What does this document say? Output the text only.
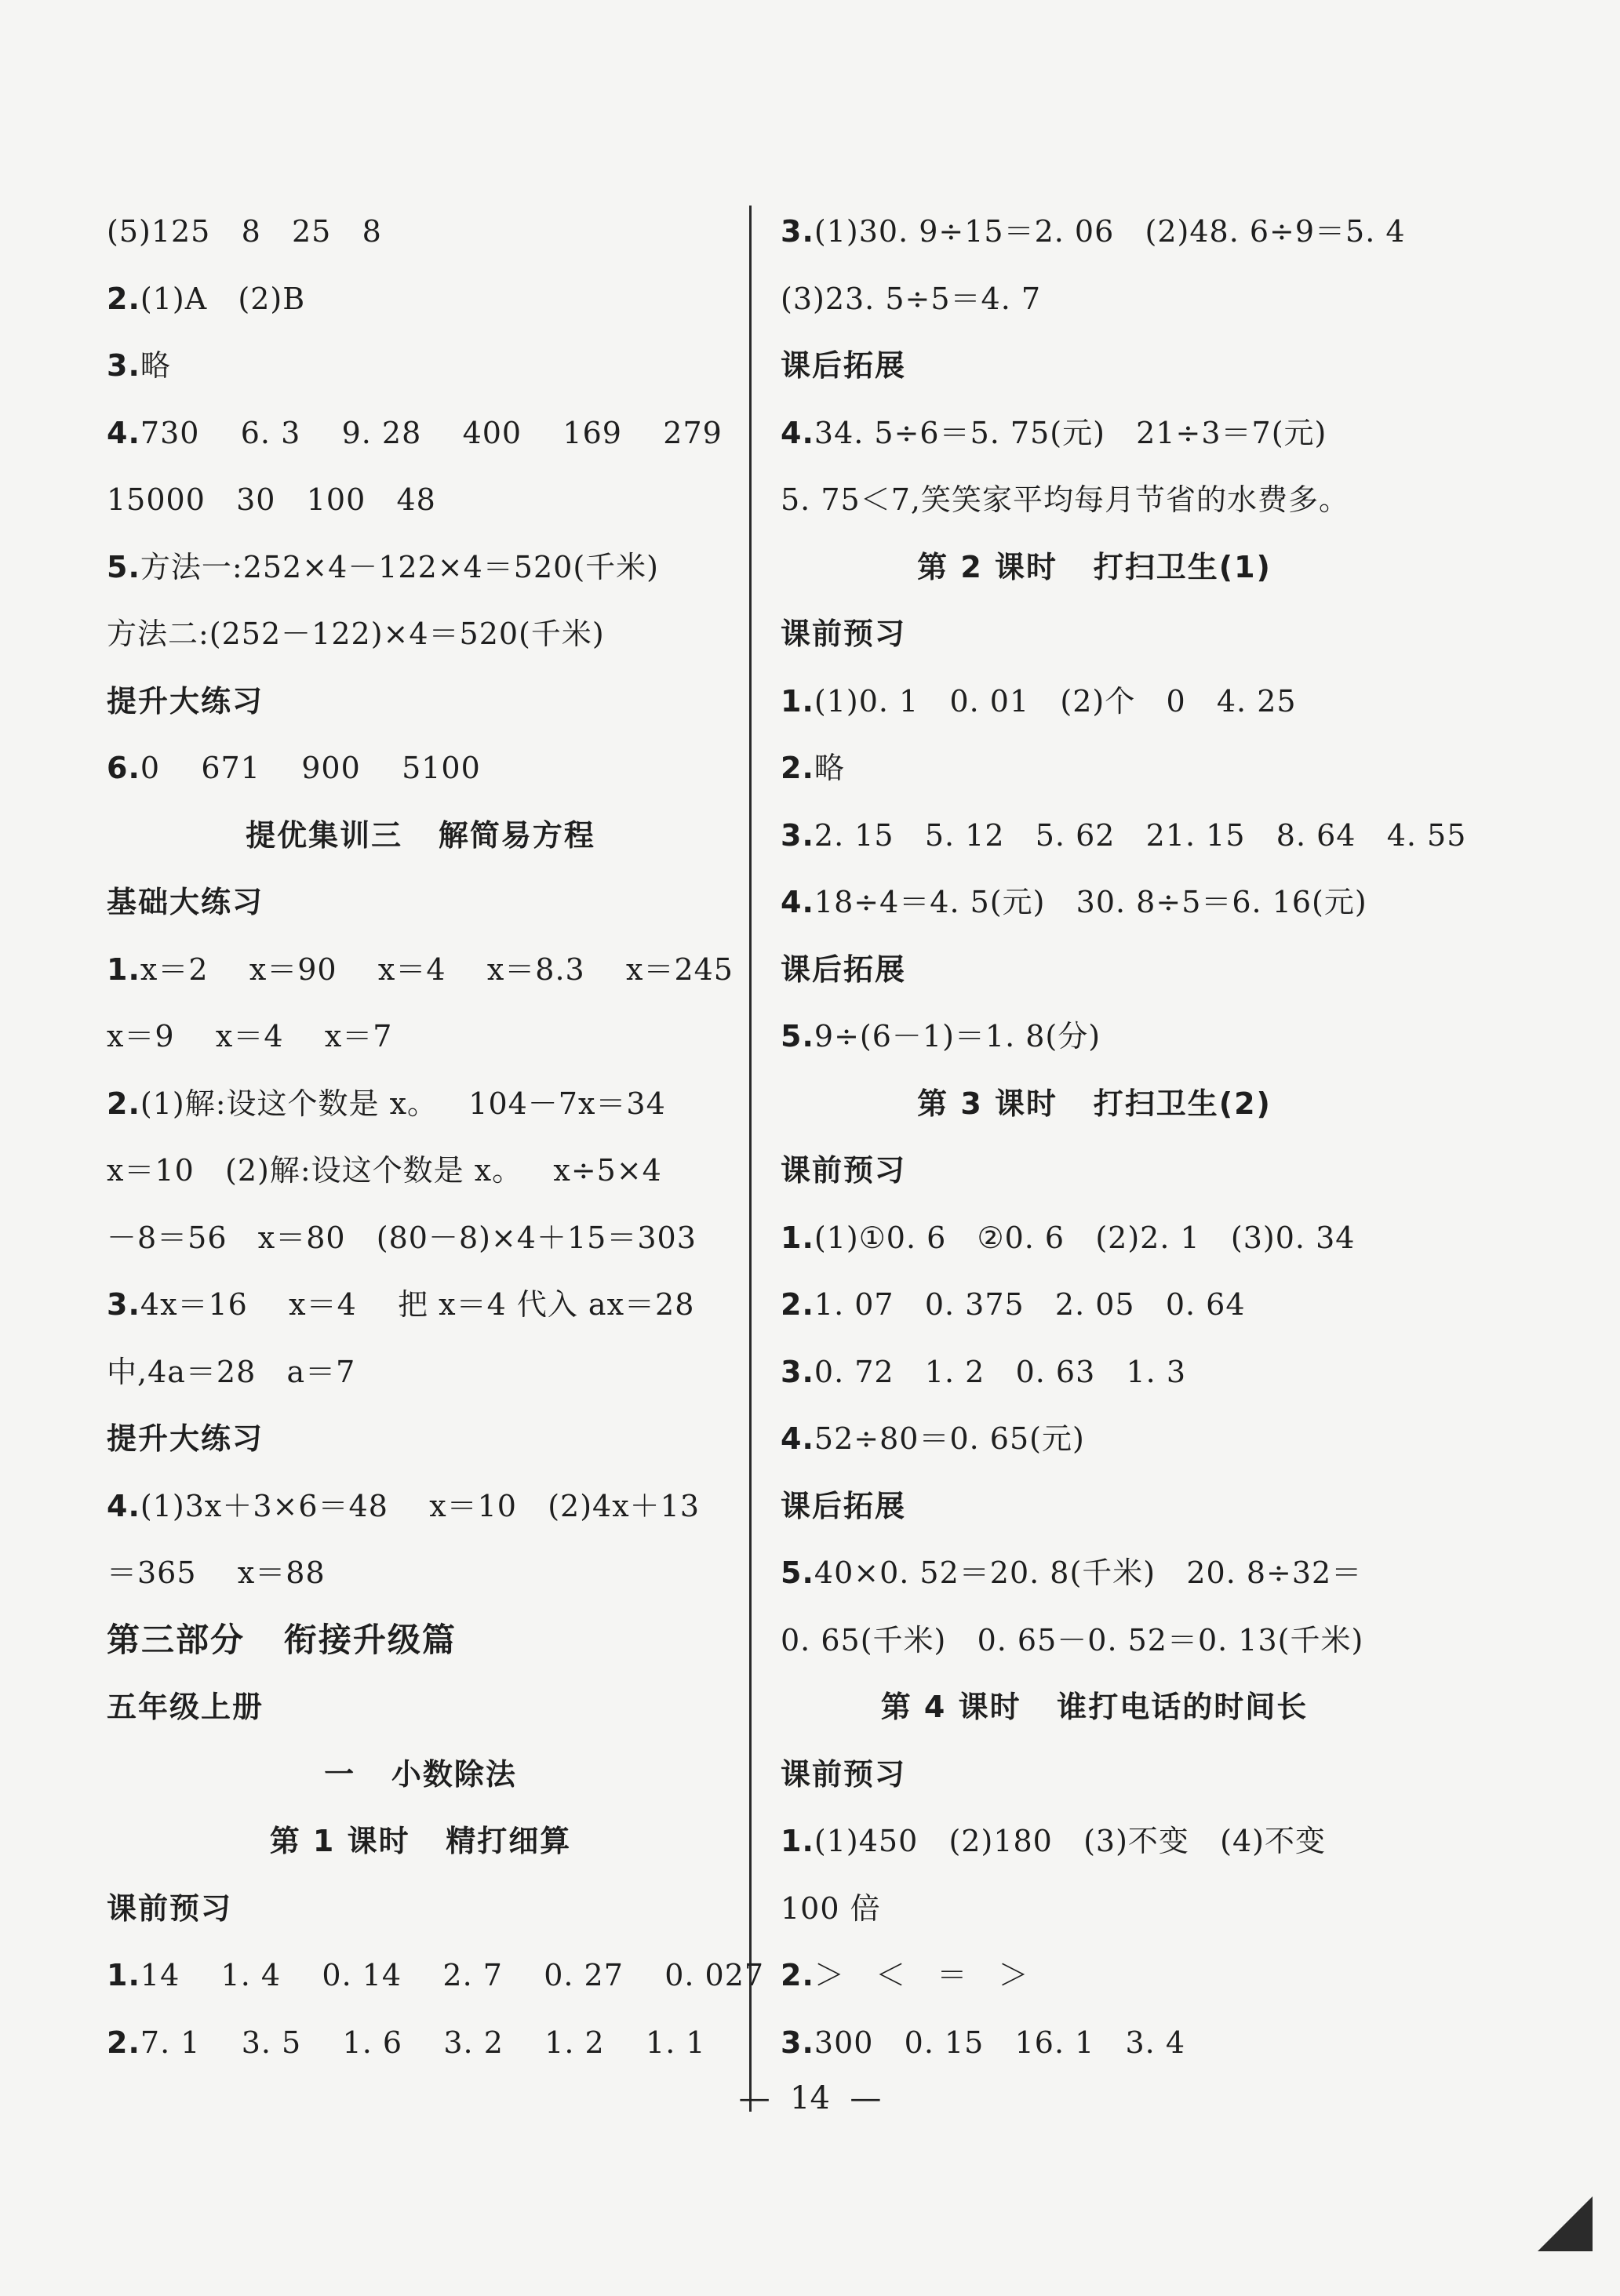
(5)125   8   25   8
2.(1)A   (2)B
3.略
4.730    6. 3    9. 28    400    169    279
15000   30   100   48
5.方法一:252×4－122×4＝520(千米)
方法二:(252－122)×4＝520(千米)
提升大练习
6.0    671    900    5100
提优集训三   解简易方程
基础大练习
1.x＝2    x＝90    x＝4    x＝8.3    x＝245
x＝9    x＝4    x＝7
2.(1)解:设这个数是 x。   104－7x＝34
x＝10   (2)解:设这个数是 x。   x÷5×4
－8＝56   x＝80   (80－8)×4＋15＝303
3.4x＝16    x＝4    把 x＝4 代入 ax＝28
中,4a＝28   a＝7
提升大练习
4.(1)3x＋3×6＝48    x＝10   (2)4x＋13
＝365    x＝88
第三部分   衔接升级篇
五年级上册
一   小数除法
第 1 课时   精打细算
课前预习
1.14    1. 4    0. 14    2. 7    0. 27    0. 027
2.7. 1    3. 5    1. 6    3. 2    1. 2    1. 1
3.(1)30. 9÷15＝2. 06   (2)48. 6÷9＝5. 4
(3)23. 5÷5＝4. 7
课后拓展
4.34. 5÷6＝5. 75(元)   21÷3＝7(元)
5. 75＜7,笑笑家平均每月节省的水费多。
第 2 课时   打扫卫生(1)
课前预习
1.(1)0. 1   0. 01   (2)个   0   4. 25
2.略
3.2. 15   5. 12   5. 62   21. 15   8. 64   4. 55
4.18÷4＝4. 5(元)   30. 8÷5＝6. 16(元)
课后拓展
5.9÷(6－1)＝1. 8(分)
第 3 课时   打扫卫生(2)
课前预习
1.(1)①0. 6   ②0. 6   (2)2. 1   (3)0. 34
2.1. 07   0. 375   2. 05   0. 64
3.0. 72   1. 2   0. 63   1. 3
4.52÷80＝0. 65(元)
课后拓展
5.40×0. 52＝20. 8(千米)   20. 8÷32＝
0. 65(千米)   0. 65－0. 52＝0. 13(千米)
第 4 课时   谁打电话的时间长
课前预习
1.(1)450   (2)180   (3)不变   (4)不变
100 倍
2.＞   ＜   ＝   ＞
3.300   0. 15   16. 1   3. 4
—  14  —
